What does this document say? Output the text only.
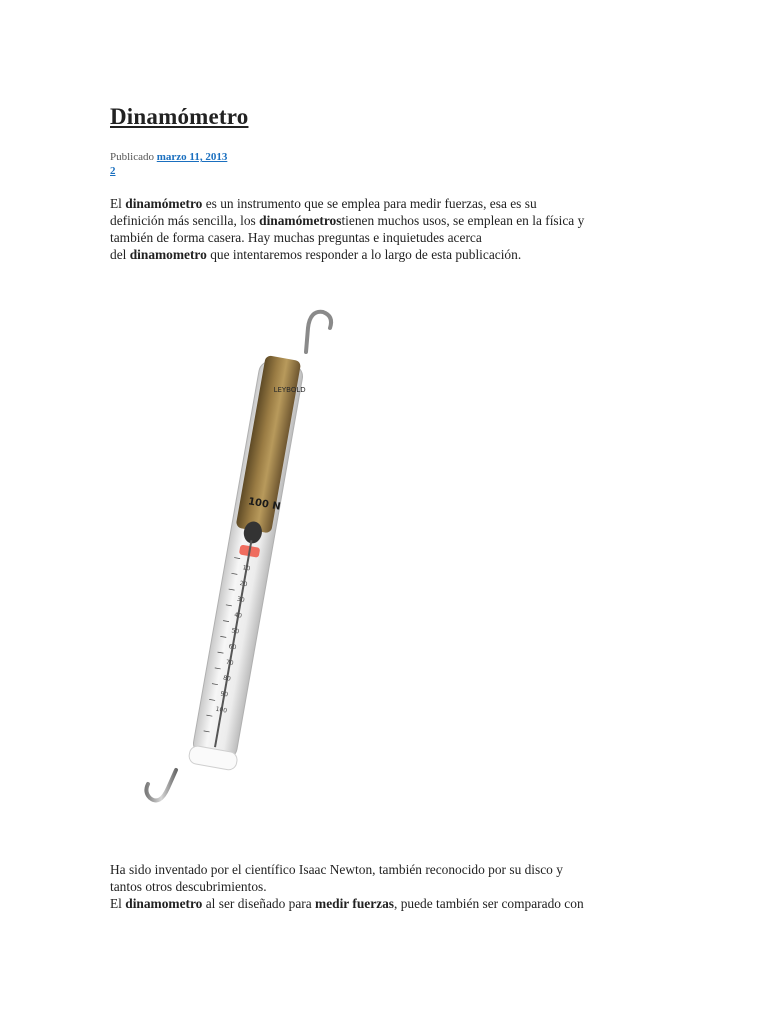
Dinamómetro
Publicado marzo 11, 2013
2

El dinamómetro es un instrumento que se emplea para medir fuerzas, esa es su
definición más sencilla, los dinamómetrostienen muchos usos, se emplean en la física y
también de forma casera. Hay muchas preguntas e inquietudes acerca
del dinamometro que intentaremos responder a lo largo de esta publicación.

Ha sido inventado por el científico Isaac Newton, también reconocido por su disco y
tantos otros descubrimientos.
El dinamometro al ser diseñado para medir fuerzas, puede también ser comparado con

LEYBOLD
100 N
10
20
30
40
50
60
70
80
90
100
